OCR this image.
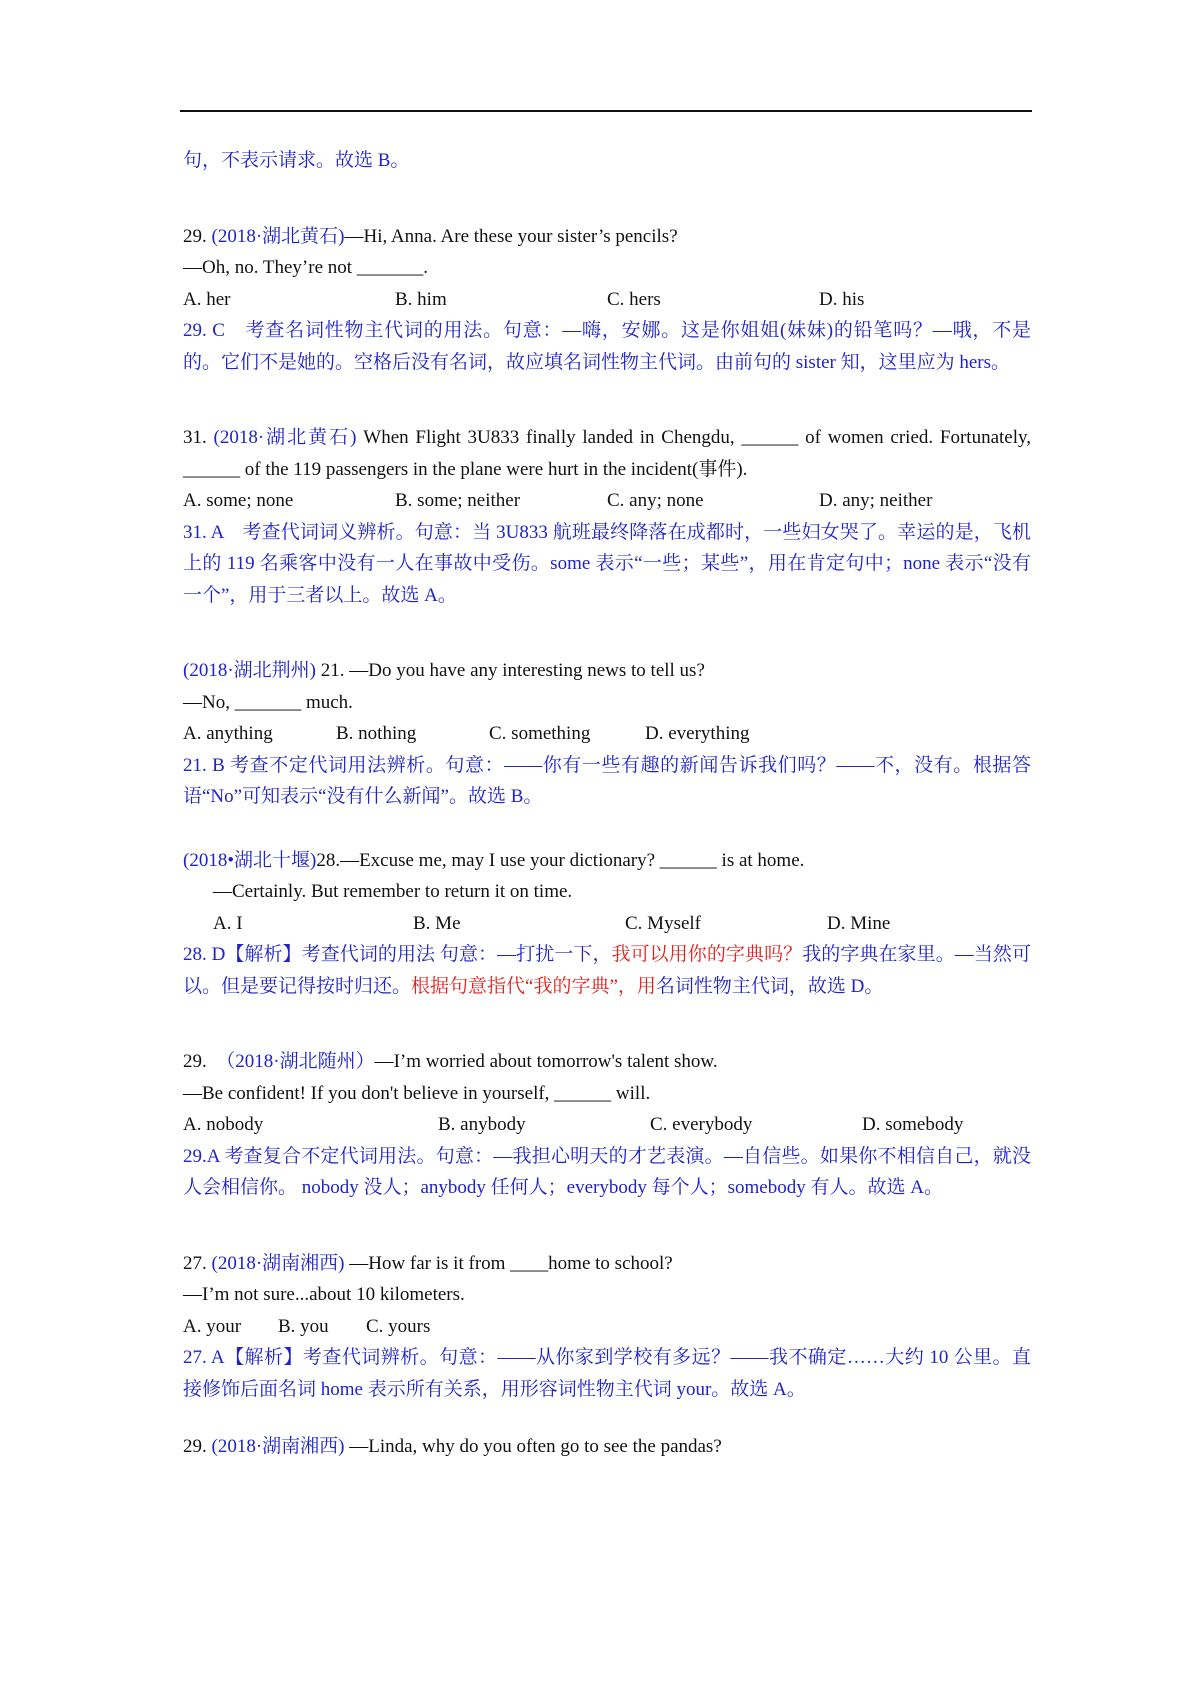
句，不表示请求。故选 B。
29. (2018·湖北黄石)—Hi, Anna. Are these your sister’s pencils?
—Oh, no. They’re not _______.
A. her	B. him	C. hers	D. his
29. C　考查名词性物主代词的用法。句意：—嗨，安娜。这是你姐姐(妹妹)的铅笔吗？—哦，不是的。它们不是她的。空格后没有名词，故应填名词性物主代词。由前句的 sister 知，这里应为 hers。
31. (2018·湖北黄石) When Flight 3U833 finally landed in Chengdu, ______ of women cried. Fortunately, ______ of the 119 passengers in the plane were hurt in the incident(事件).
A. some; none	B. some; neither	C. any; none	D. any; neither
31. A　考查代词词义辨析。句意：当 3U833 航班最终降落在成都时，一些妇女哭了。幸运的是，飞机上的 119 名乘客中没有一人在事故中受伤。some 表示“一些；某些”，用在肯定句中；none 表示“没有一个”，用于三者以上。故选 A。
(2018·湖北荆州) 21. —Do you have any interesting news to tell us?
—No, _______ much.
A. anything	B. nothing	C. something	D. everything
21. B 考查不定代词用法辨析。句意：——你有一些有趣的新闻告诉我们吗？——不，没有。根据答语“No”可知表示“没有什么新闻”。故选 B。
(2018•湖北十堰)28.—Excuse me, may I use your dictionary? ______ is at home.
—Certainly. But remember to return it on time.
A. I	B. Me	C. Myself	D. Mine
28. D【解析】考查代词的用法 句意：—打扰一下，我可以用你的字典吗？我的字典在家里。—当然可以。但是要记得按时归还。根据句意指代“我的字典”，用名词性物主代词，故选 D。
29.　（2018·湖北随州）—I’m worried about tomorrow's talent show.
—Be confident! If you don't believe in yourself, ______ will.
A. nobody	B. anybody	C. everybody	D. somebody
29.A 考查复合不定代词用法。句意：—我担心明天的才艺表演。—自信些。如果你不相信自己，就没人会相信你。 nobody 没人；anybody 任何人；everybody 每个人；somebody 有人。故选 A。
27. (2018·湖南湘西) —How far is it from ____home to school?
—I’m not sure...about 10 kilometers.
A. your	B. you	C. yours
27. A【解析】考查代词辨析。句意：——从你家到学校有多远？——我不确定……大约 10 公里。直接修饰后面名词 home 表示所有关系，用形容词性物主代词 your。故选 A。
29. (2018·湖南湘西) —Linda, why do you often go to see the pandas?
